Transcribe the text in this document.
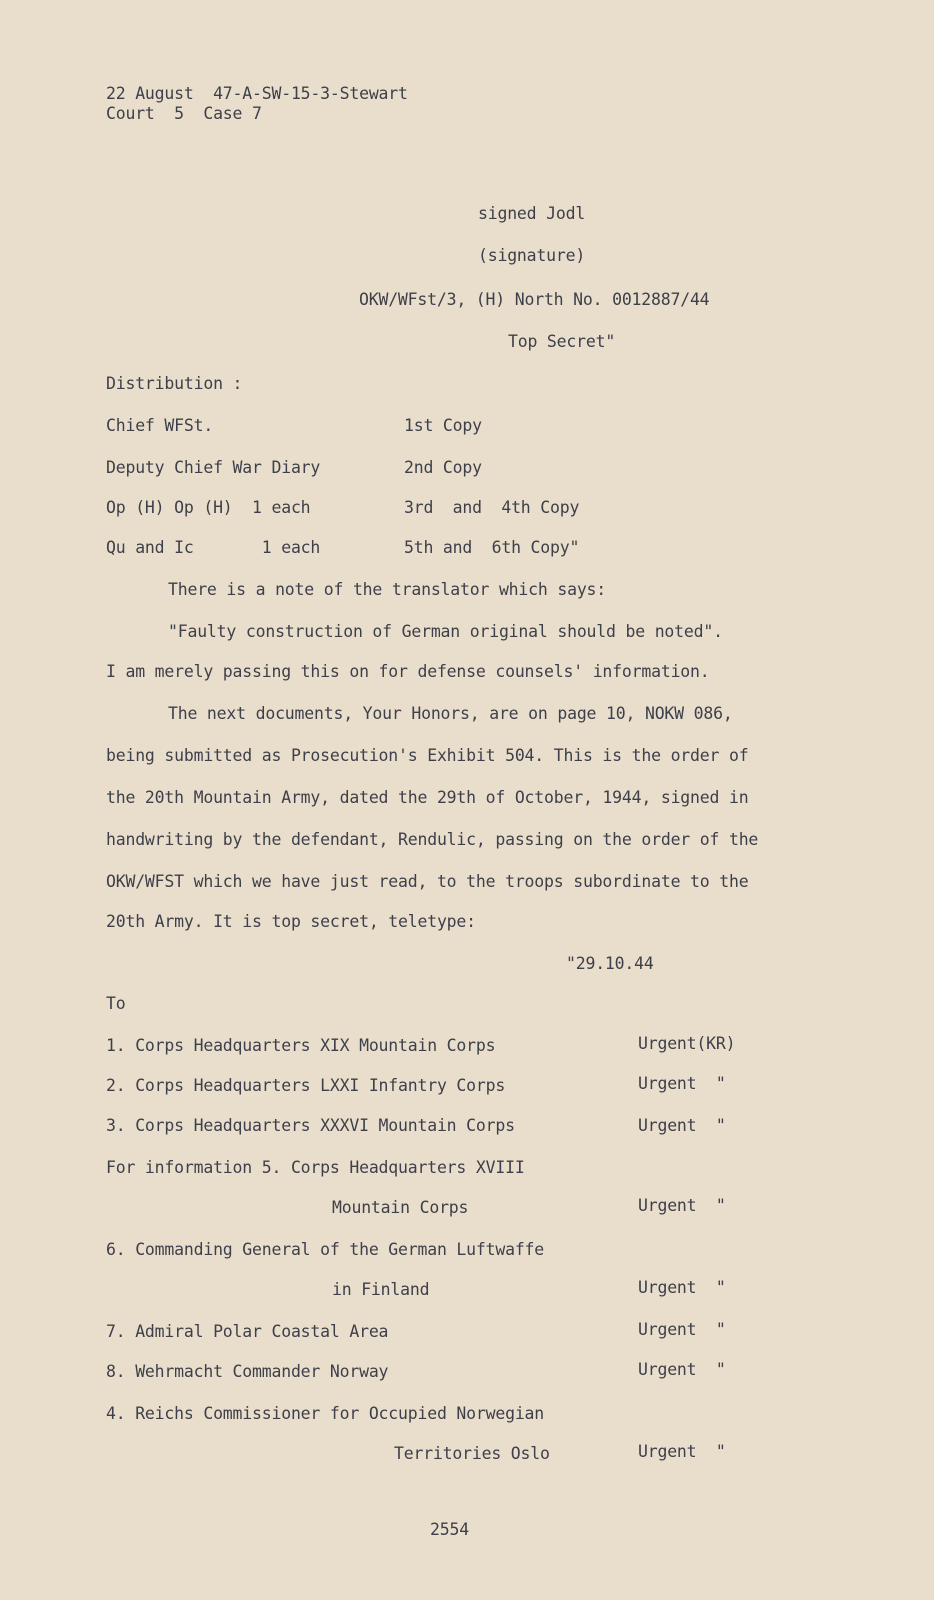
22 August  47-A-SW-15-3-Stewart
Court  5  Case 7
signed Jodl
(signature)
OKW/WFst/3, (H) North No. 0012887/44
Top Secret"
Distribution :
Chief WFSt.	1st Copy
Deputy Chief War Diary	2nd Copy
Op (H) Op (H)  1 each	3rd  and  4th Copy
Qu and Ic       1 each	5th and  6th Copy"
There is a note of the translator which says:
"Faulty construction of German original should be noted".
I am merely passing this on for defense counsels' information.
The next documents, Your Honors, are on page 10, NOKW 086,
being submitted as Prosecution's Exhibit 504. This is the order of
the 20th Mountain Army, dated the 29th of October, 1944, signed in
handwriting by the defendant, Rendulic, passing on the order of the
OKW/WFST which we have just read, to the troops subordinate to the
20th Army. It is top secret, teletype:
"29.10.44
To
1. Corps Headquarters XIX Mountain Corps	Urgent(KR)
2. Corps Headquarters LXXI Infantry Corps	Urgent  "
3. Corps Headquarters XXXVI Mountain Corps	Urgent  "
For information 5. Corps Headquarters XVIII
Mountain Corps	Urgent  "
6. Commanding General of the German Luftwaffe
in Finland	Urgent  "
7. Admiral Polar Coastal Area	Urgent  "
8. Wehrmacht Commander Norway	Urgent  "
4. Reichs Commissioner for Occupied Norwegian
Territories Oslo	Urgent  "
2554
